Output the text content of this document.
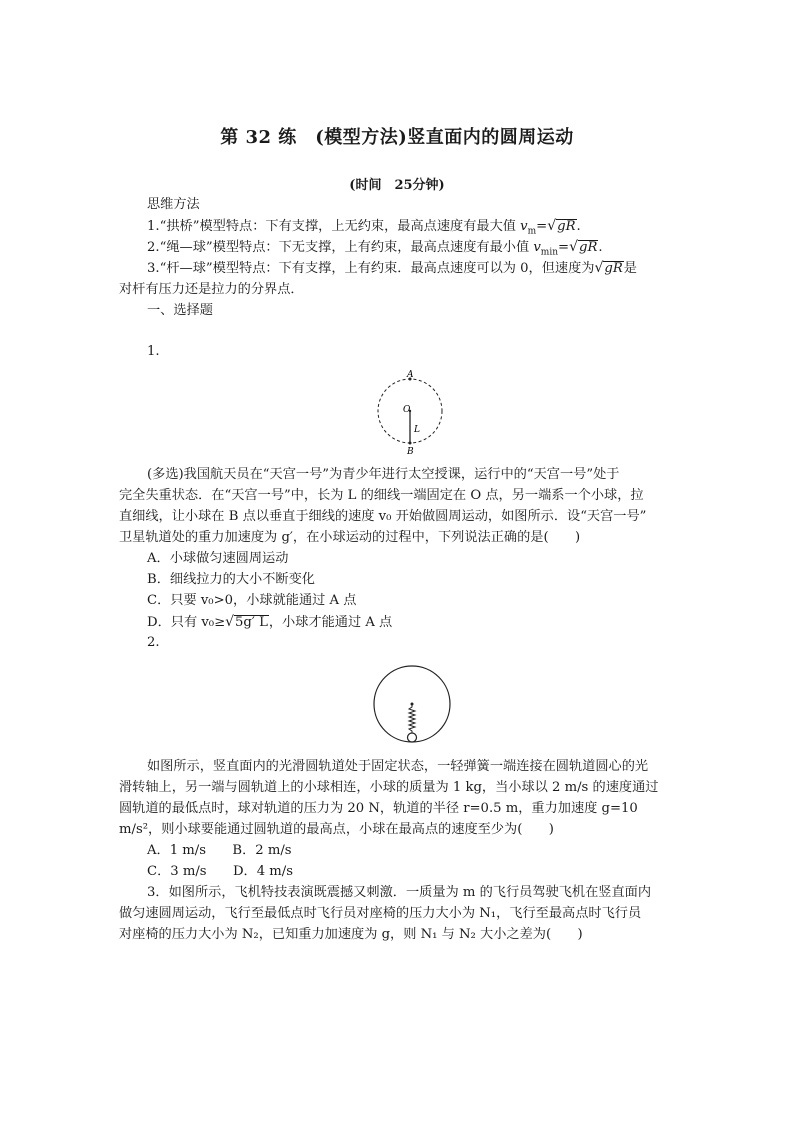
第 32 练　(模型方法)竖直面内的圆周运动
(时间　25分钟)
思维方法
1.“拱桥”模型特点：下有支撑，上无约束，最高点速度有最大值 $v_m=√gR$.
2.“绳—球”模型特点：下无支撑，上有约束，最高点速度有最小值 $v_{min}=√gR$.
3.“杆—球”模型特点：下有支撑，上有约束．最高点速度可以为 0，但速度为√gR是
对杆有压力还是拉力的分界点．
一、选择题
1.
A
O
L
B
(多选)我国航天员在“天宫一号”为青少年进行太空授课，运行中的“天宫一号”处于
完全失重状态．在“天宫一号”中，长为 L 的细线一端固定在 O 点，另一端系一个小球，拉
直细线，让小球在 B 点以垂直于细线的速度 v₀ 开始做圆周运动，如图所示．设“天宫一号”
卫星轨道处的重力加速度为 g′，在小球运动的过程中，下列说法正确的是(　　)
A．小球做匀速圆周运动
B．细线拉力的大小不断变化
C．只要 v₀>0，小球就能通过 A 点
D．只有 v₀≥√5g′ L，小球才能通过 A 点
2.
如图所示，竖直面内的光滑圆轨道处于固定状态，一轻弹簧一端连接在圆轨道圆心的光
滑转轴上，另一端与圆轨道上的小球相连，小球的质量为 1 kg，当小球以 2 m/s 的速度通过
圆轨道的最低点时，球对轨道的压力为 20 N，轨道的半径 r=0.5 m，重力加速度 g=10
m/s²，则小球要能通过圆轨道的最高点，小球在最高点的速度至少为(　　)
A．1 m/s　　B．2 m/s
C．3 m/s　　D．4 m/s
3．如图所示，飞机特技表演既震撼又刺激．一质量为 m 的飞行员驾驶飞机在竖直面内
做匀速圆周运动，飞行至最低点时飞行员对座椅的压力大小为 N₁，飞行至最高点时飞行员
对座椅的压力大小为 N₂，已知重力加速度为 g，则 N₁ 与 N₂ 大小之差为(　　)
